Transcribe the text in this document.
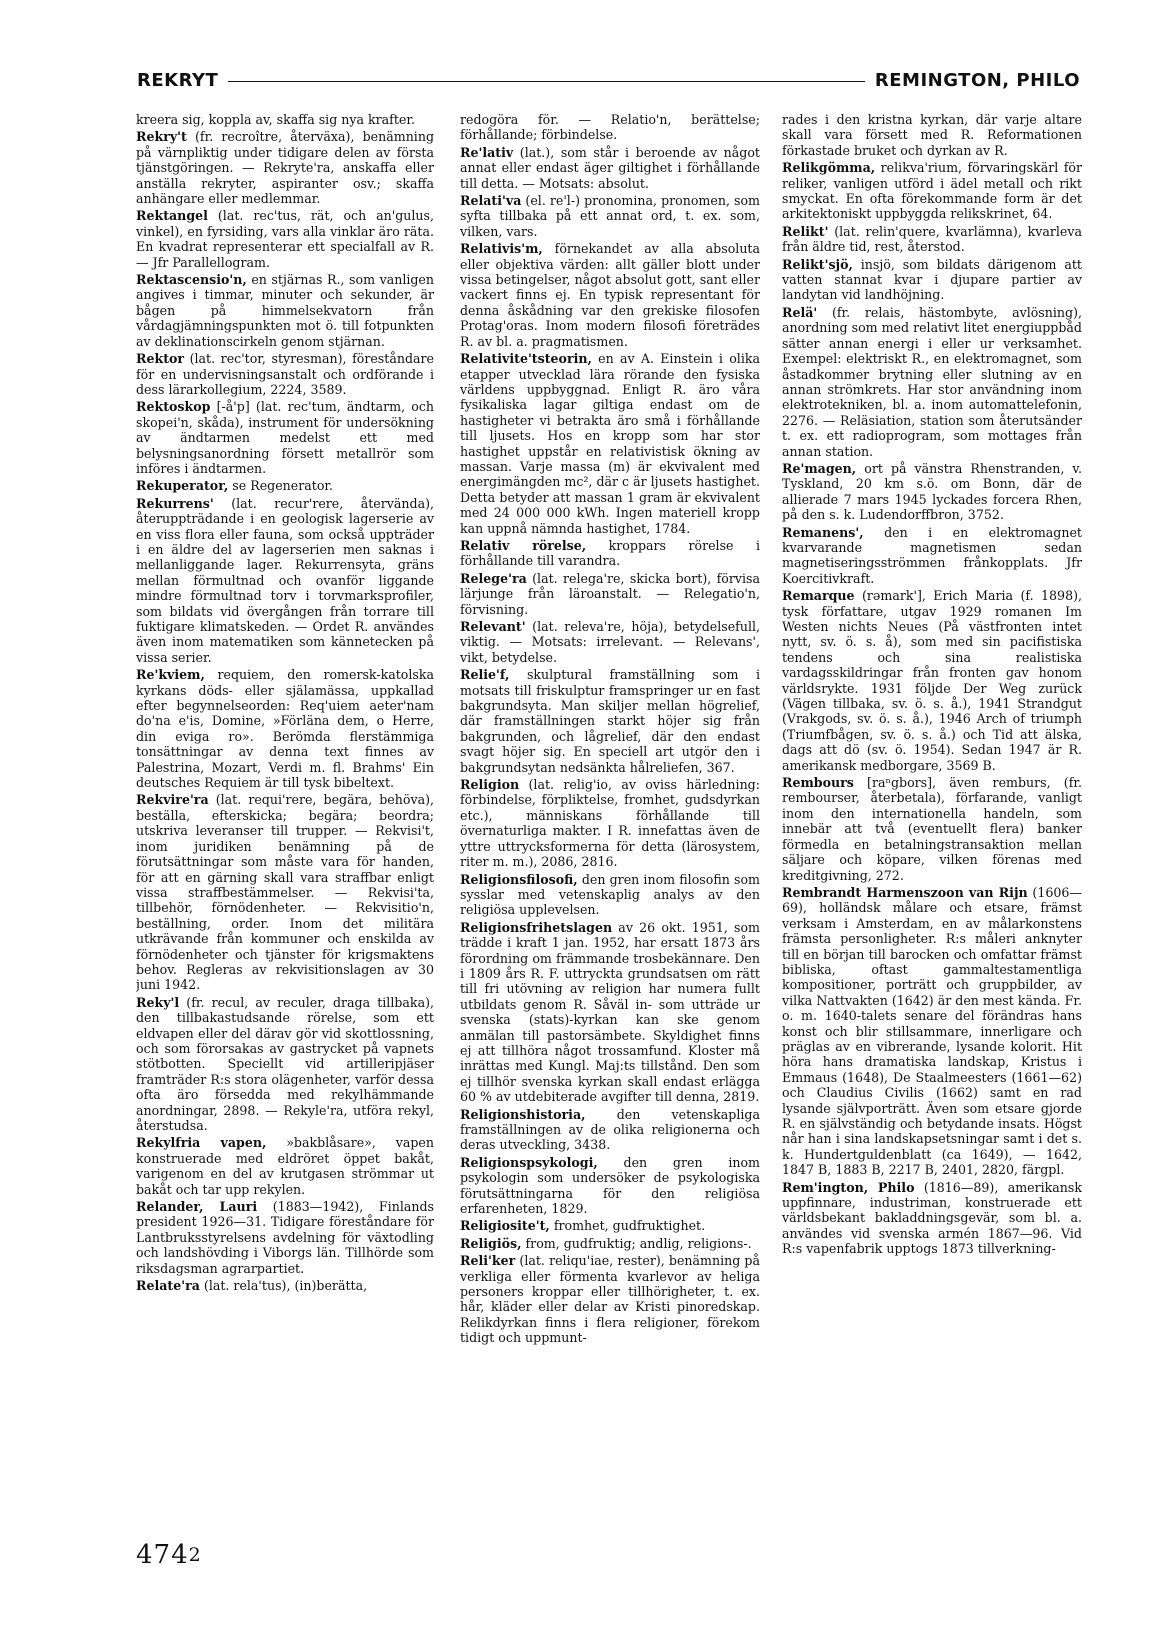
REKRYT	REMINGTON, PHILO

kreera sig, koppla av, skaffa sig nya krafter.

Rekry't (fr. recroître, återväxa), benämning på värnpliktig under tidigare delen av första tjänstgöringen. — Rekryte'ra, anskaffa eller anställa rekryter, aspiranter osv.; skaffa anhängare eller medlemmar.

Rektangel (lat. rec'tus, rät, och an'gulus, vinkel), en fyrsiding, vars alla vinklar äro räta. En kvadrat representerar ett specialfall av R. — Jfr Parallellogram.

Rektascensio'n, en stjärnas R., som vanligen angives i timmar, minuter och sekunder, är bågen på himmelsekvatorn från vårdagjämningspunkten mot ö. till fotpunkten av deklinationscirkeln genom stjärnan.

Rektor (lat. rec'tor, styresman), föreståndare för en undervisningsanstalt och ordförande i dess lärarkollegium, 2224, 3589.

Rektoskop [-å'p] (lat. rec'tum, ändtarm, och skopei'n, skåda), instrument för undersökning av ändtarmen medelst ett med belysningsanordning försett metallrör som införes i ändtarmen.

Rekuperator, se Regenerator.

Rekurrens' (lat. recur'rere, återvända), återuppträdande i en geologisk lagerserie av en viss flora eller fauna, som också uppträder i en äldre del av lagerserien men saknas i mellanliggande lager. Rekurrensyta, gräns mellan förmultnad och ovanför liggande mindre förmultnad torv i torvmarksprofiler, som bildats vid övergången från torrare till fuktigare klimatskeden. — Ordet R. användes även inom matematiken som kännetecken på vissa serier.

Re'kviem, requiem, den romersk-katolska kyrkans döds- eller själamässa, uppkallad efter begynnelseorden: Req'uiem aeter'nam do'na e'is, Domine, »Förläna dem, o Herre, din eviga ro». Berömda flerstämmiga tonsättningar av denna text finnes av Palestrina, Mozart, Verdi m. fl. Brahms' Ein deutsches Requiem är till tysk bibeltext.

Rekvire'ra (lat. requi'rere, begära, behöva), beställa, efterskicka; begära; beordra; utskriva leveranser till trupper. — Rekvisi't, inom juridiken benämning på de förutsättningar som måste vara för handen, för att en gärning skall vara straffbar enligt vissa straffbestämmelser. — Rekvisi'ta, tillbehör, förnödenheter. — Rekvisitio'n, beställning, order. Inom det militära utkrävande från kommuner och enskilda av förnödenheter och tjänster för krigsmaktens behov. Regleras av rekvisitionslagen av 30 juni 1942.

Reky'l (fr. recul, av reculer, draga tillbaka), den tillbakastudsande rörelse, som ett eldvapen eller del därav gör vid skottlossning, och som förorsakas av gastrycket på vapnets stötbotten. Speciellt vid artilleripjäser framträder R:s stora olägenheter, varför dessa ofta äro försedda med rekylhämmande anordningar, 2898. — Rekyle'ra, utföra rekyl, återstudsa.

Rekylfria vapen, »bakblåsare», vapen konstruerade med eldröret öppet bakåt, varigenom en del av krutgasen strömmar ut bakåt och tar upp rekylen.

Relander, Lauri (1883—1942), Finlands president 1926—31. Tidigare föreståndare för Lantbruksstyrelsens avdelning för växtodling och landshövding i Viborgs län. Tillhörde som riksdagsman agrarpartiet.

Relate'ra (lat. rela'tus), (in)berätta,

redogöra för. — Relatio'n, berättelse; förhållande; förbindelse.

Re'lativ (lat.), som står i beroende av något annat eller endast äger giltighet i förhållande till detta. — Motsats: absolut.

Relati'va (el. re'l-) pronomina, pronomen, som syfta tillbaka på ett annat ord, t. ex. som, vilken, vars.

Relativis'm, förnekandet av alla absoluta eller objektiva värden: allt gäller blott under vissa betingelser, något absolut gott, sant eller vackert finns ej. En typisk representant för denna åskådning var den grekiske filosofen Protag'oras. Inom modern filosofi företrädes R. av bl. a. pragmatismen.

Relativite'tsteorin, en av A. Einstein i olika etapper utvecklad lära rörande den fysiska världens uppbyggnad. Enligt R. äro våra fysikaliska lagar giltiga endast om de hastigheter vi betrakta äro små i förhållande till ljusets. Hos en kropp som har stor hastighet uppstår en relativistisk ökning av massan. Varje massa (m) är ekvivalent med energimängden mc², där c är ljusets hastighet. Detta betyder att massan 1 gram är ekvivalent med 24 000 000 kWh. Ingen materiell kropp kan uppnå nämnda hastighet, 1784.

Relativ rörelse, kroppars rörelse i förhållande till varandra.

Relege'ra (lat. relega're, skicka bort), förvisa lärjunge från läroanstalt. — Relegatio'n, förvisning.

Relevant' (lat. releva're, höja), betydelsefull, viktig. — Motsats: irrelevant. — Relevans', vikt, betydelse.

Relie'f, skulptural framställning som i motsats till friskulptur framspringer ur en fast bakgrundsyta. Man skiljer mellan högrelief, där framställningen starkt höjer sig från bakgrunden, och lågrelief, där den endast svagt höjer sig. En speciell art utgör den i bakgrundsytan nedsänkta hålreliefen, 367.

Religion (lat. relig'io, av oviss härledning: förbindelse, förpliktelse, fromhet, gudsdyrkan etc.), människans förhållande till övernaturliga makter. I R. innefattas även de yttre uttrycksformerna för detta (lärosystem, riter m. m.), 2086, 2816.

Religionsfilosofi, den gren inom filosofin som sysslar med vetenskaplig analys av den religiösa upplevelsen.

Religionsfrihetslagen av 26 okt. 1951, som trädde i kraft 1 jan. 1952, har ersatt 1873 års förordning om främmande trosbekännare. Den i 1809 års R. F. uttryckta grundsatsen om rätt till fri utövning av religion har numera fullt utbildats genom R. Såväl in- som utträde ur svenska (stats)-kyrkan kan ske genom anmälan till pastorsämbete. Skyldighet finns ej att tillhöra något trossamfund. Kloster må inrättas med Kungl. Maj:ts tillstånd. Den som ej tillhör svenska kyrkan skall endast erlägga 60 % av utdebiterade avgifter till denna, 2819.

Religionshistoria, den vetenskapliga framställningen av de olika religionerna och deras utveckling, 3438.

Religionspsykologi, den gren inom psykologin som undersöker de psykologiska förutsättningarna för den religiösa erfarenheten, 1829.

Religiosite't, fromhet, gudfruktighet.

Religiös, from, gudfruktig; andlig, religions-.

Reli'ker (lat. reliqu'iae, rester), benämning på verkliga eller förmenta kvarlevor av heliga personers kroppar eller tillhörigheter, t. ex. hår, kläder eller delar av Kristi pinoredskap. Relikdyrkan finns i flera religioner, förekom tidigt och uppmunt-

rades i den kristna kyrkan, där varje altare skall vara försett med R. Reformationen förkastade bruket och dyrkan av R.

Relikgömma, relikva'rium, förvaringskärl för reliker, vanligen utförd i ädel metall och rikt smyckat. En ofta förekommande form är det arkitektoniskt uppbyggda relikskrinet, 64.

Relikt' (lat. relin'quere, kvarlämna), kvarleva från äldre tid, rest, återstod.

Relikt'sjö, insjö, som bildats därigenom att vatten stannat kvar i djupare partier av landytan vid landhöjning.

Relä' (fr. relais, hästombyte, avlösning), anordning som med relativt litet energiuppbåd sätter annan energi i eller ur verksamhet. Exempel: elektriskt R., en elektromagnet, som åstadkommer brytning eller slutning av en annan strömkrets. Har stor användning inom elektrotekniken, bl. a. inom automattelefonin, 2276. — Reläsiation, station som återutsänder t. ex. ett radioprogram, som mottages från annan station.

Re'magen, ort på vänstra Rhenstranden, v. Tyskland, 20 km s.ö. om Bonn, där de allierade 7 mars 1945 lyckades forcera Rhen, på den s. k. Ludendorffbron, 3752.

Remanens', den i en elektromagnet kvarvarande magnetismen sedan magnetiseringsströmmen frånkopplats. Jfr Koercitivkraft.

Remarque (rəmark'], Erich Maria (f. 1898), tysk författare, utgav 1929 romanen Im Westen nichts Neues (På västfronten intet nytt, sv. ö. s. å), som med sin pacifistiska tendens och sina realistiska vardagsskildringar från fronten gav honom världsrykte. 1931 följde Der Weg zurück (Vägen tillbaka, sv. ö. s. å.), 1941 Strandgut (Vrakgods, sv. ö. s. å.), 1946 Arch of triumph (Triumfbågen, sv. ö. s. å.) och Tid att älska, dags att dö (sv. ö. 1954). Sedan 1947 är R. amerikansk medborgare, 3569 B.

Rembours [raⁿgbors], även remburs, (fr. rembourser, återbetala), förfarande, vanligt inom den internationella handeln, som innebär att två (eventuellt flera) banker förmedla en betalningstransaktion mellan säljare och köpare, vilken förenas med kreditgivning, 272.

Rembrandt Harmenszoon van Rijn (1606—69), holländsk målare och etsare, främst verksam i Amsterdam, en av målarkonstens främsta personligheter. R:s måleri anknyter till en början till barocken och omfattar främst bibliska, oftast gammaltestamentliga kompositioner, porträtt och gruppbilder, av vilka Nattvakten (1642) är den mest kända. Fr. o. m. 1640-talets senare del förändras hans konst och blir stillsammare, innerligare och präglas av en vibrerande, lysande kolorit. Hit höra hans dramatiska landskap, Kristus i Emmaus (1648), De Staalmeesters (1661—62) och Claudius Civilis (1662) samt en rad lysande självporträtt. Även som etsare gjorde R. en självständig och betydande insats. Högst når han i sina landskapsetsningar samt i det s. k. Hundertguldenblatt (ca 1649), — 1642, 1847 B, 1883 B, 2217 B, 2401, 2820, färgpl.

Rem'ington, Philo (1816—89), amerikansk uppfinnare, industriman, konstruerade ett världsbekant bakladdningsgevär, som bl. a. användes vid svenska armén 1867—96. Vid R:s vapenfabrik upptogs 1873 tillverkning-

$474^2$
